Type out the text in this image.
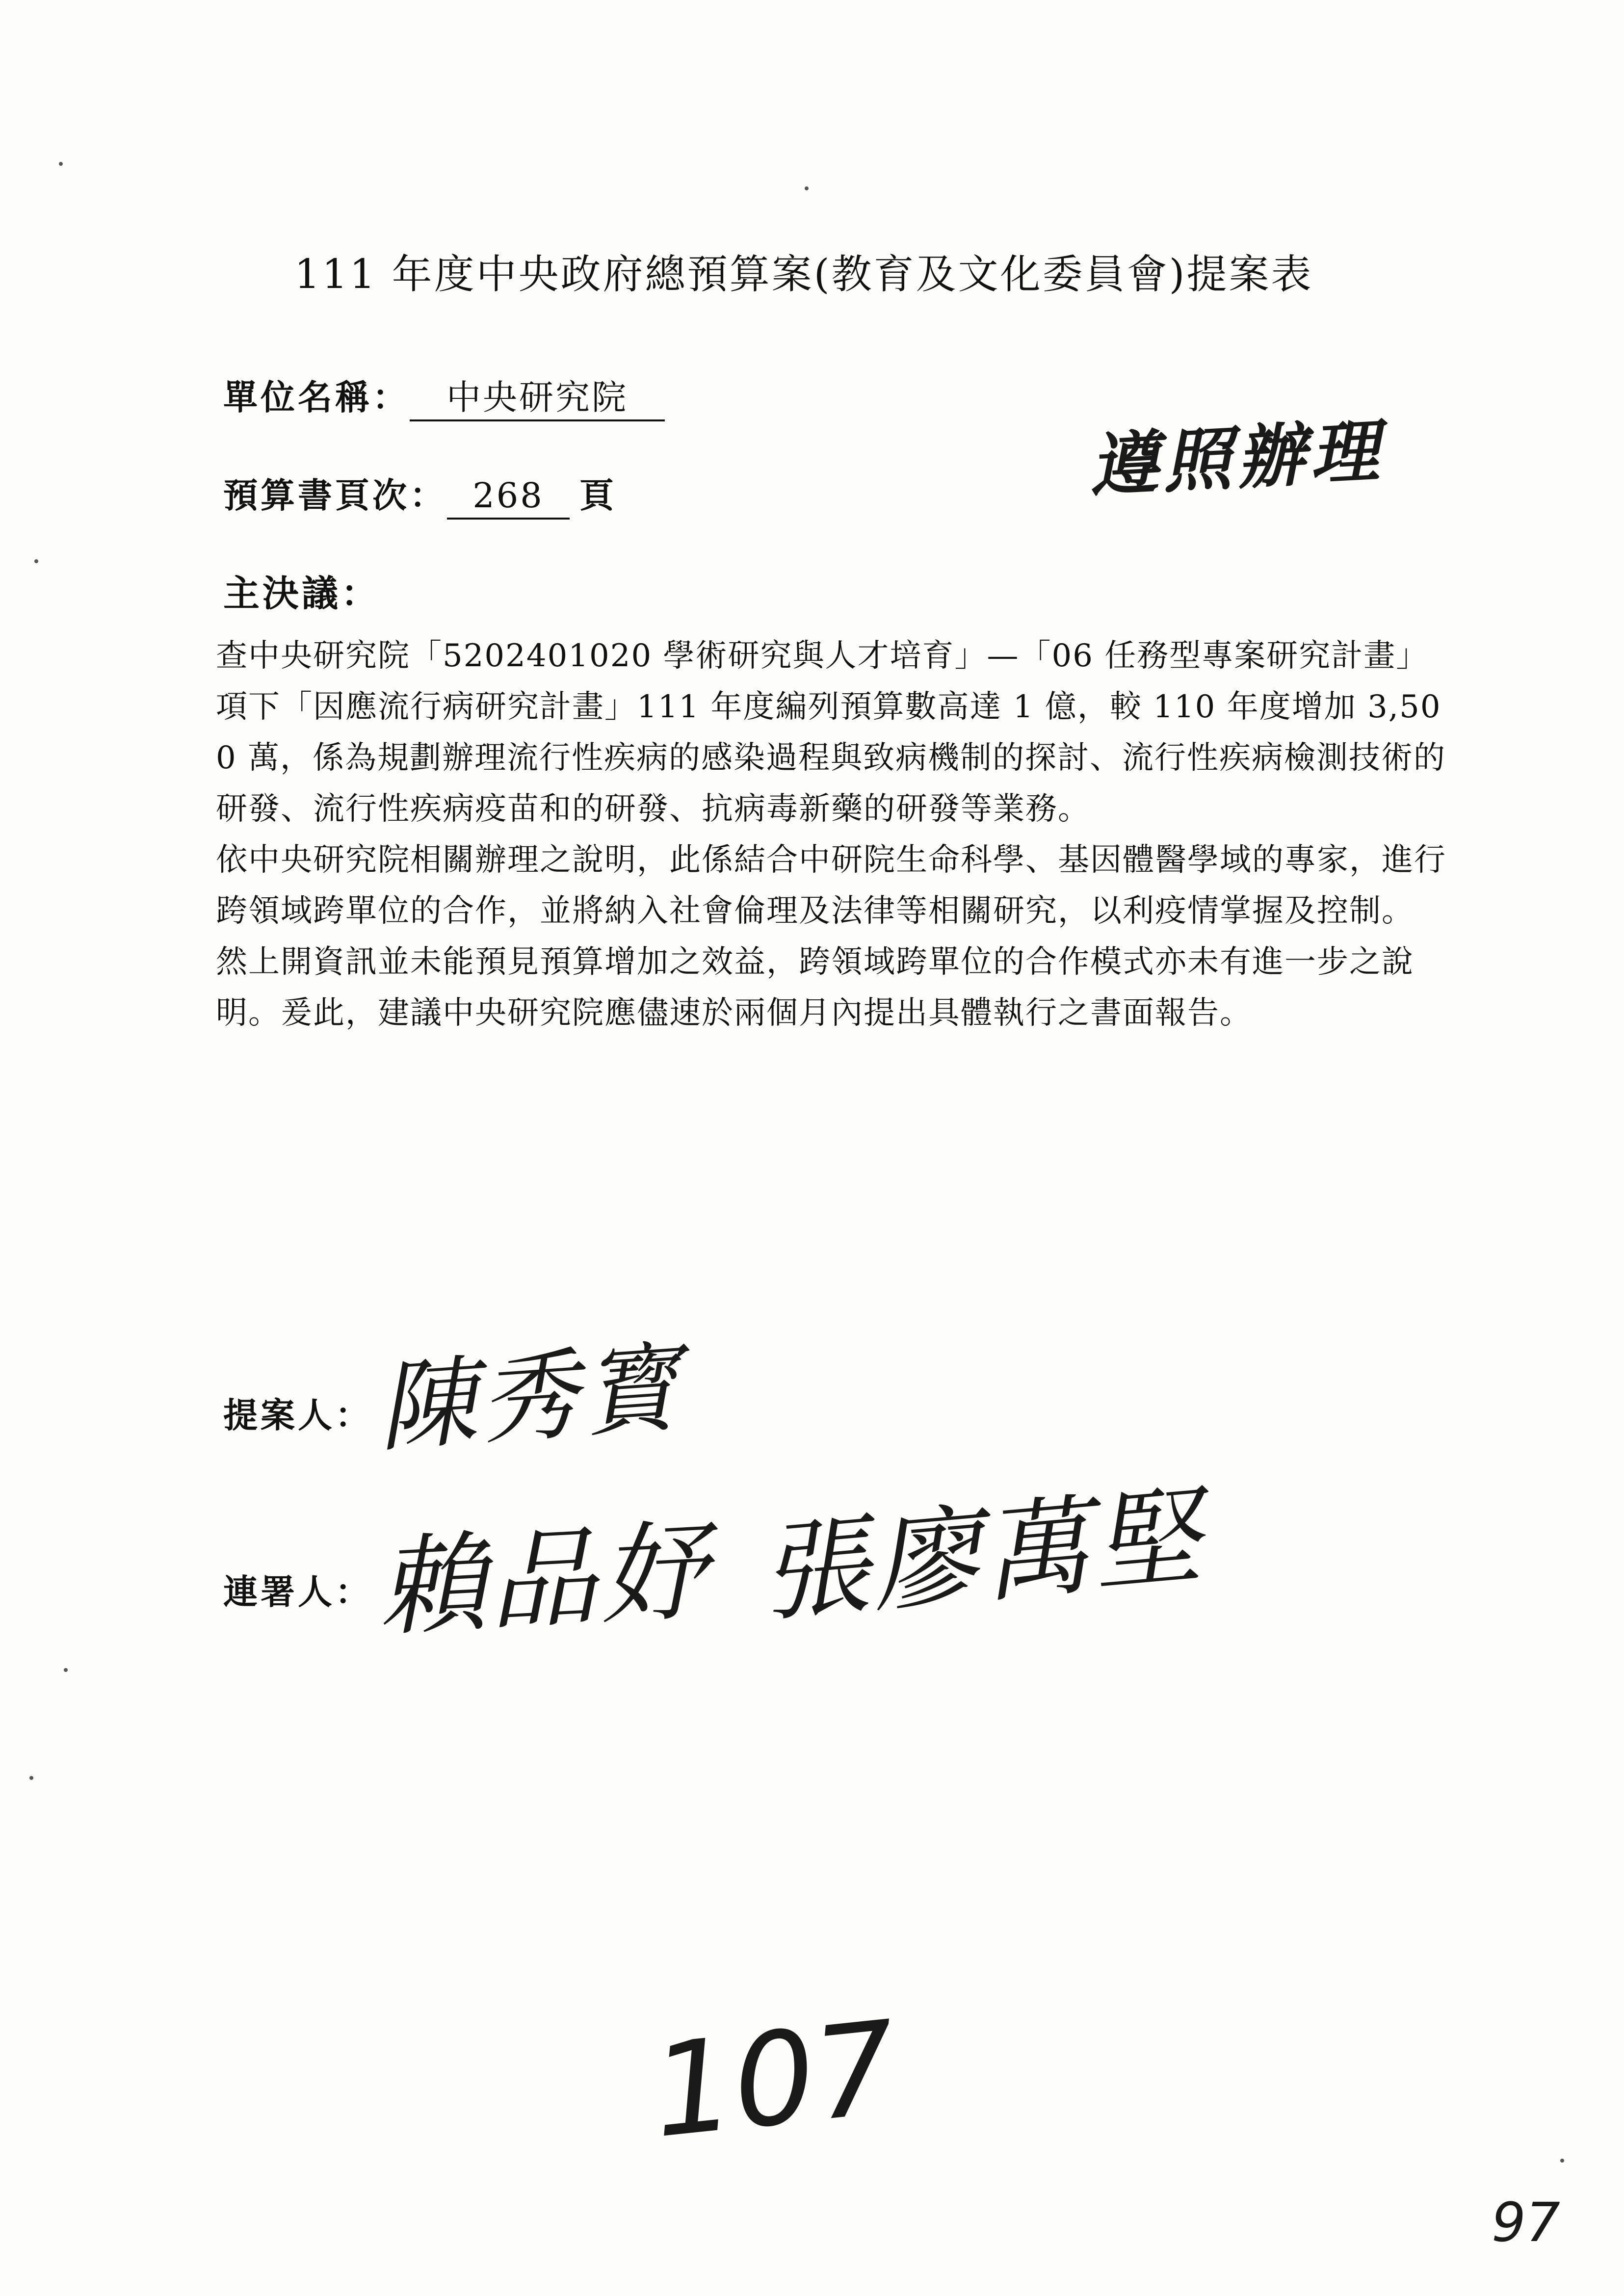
111 年度中央政府總預算案(教育及文化委員會)提案表
單位名稱： 中央研究院
預算書頁次： 268 頁	遵照辦理
主決議：

查中央研究院「5202401020 學術研究與人才培育」—「06 任務型專案研究計畫」項下「因應流行病研究計畫」111 年度編列預算數高達 1 億，較 110 年度增加 3,500 萬，係為規劃辦理流行性疾病的感染過程與致病機制的探討、流行性疾病檢測技術的研發、流行性疾病疫苗和的研發、抗病毒新藥的研發等業務。

依中央研究院相關辦理之說明，此係結合中研院生命科學、基因體醫學域的專家，進行跨領域跨單位的合作，並將納入社會倫理及法律等相關研究，以利疫情掌握及控制。

然上開資訊並未能預見預算增加之效益，跨領域跨單位的合作模式亦未有進一步之說明。爰此，建議中央研究院應儘速於兩個月內提出具體執行之書面報告。

提案人： 陳秀寳
連署人： 賴品妤 張廖萬堅
107
97
